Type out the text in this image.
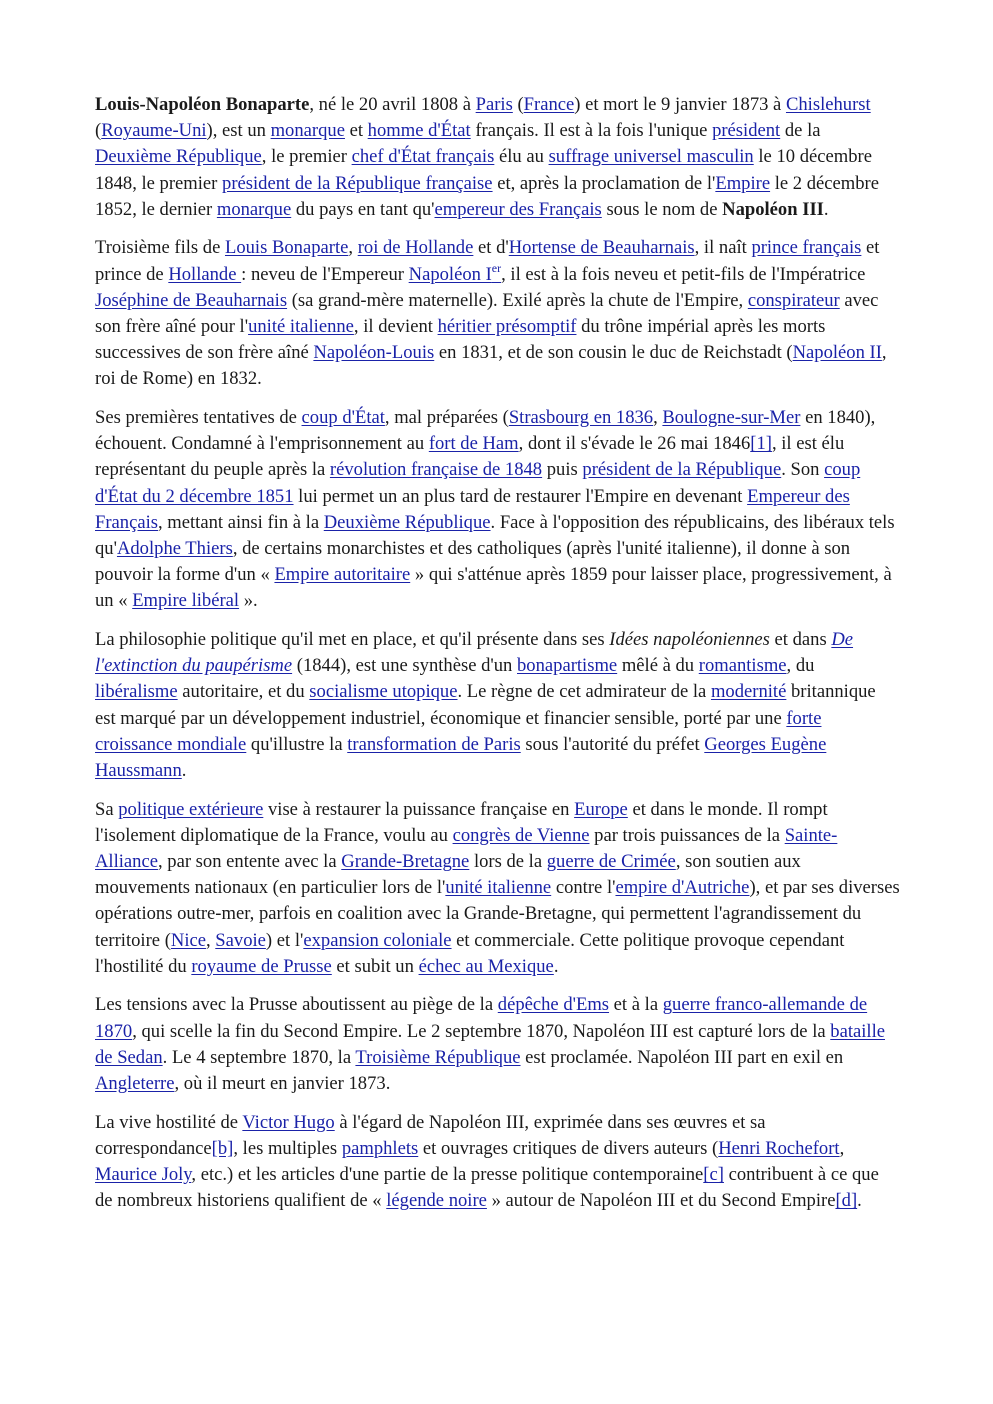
Louis-Napoléon Bonaparte, né le 20 avril 1808 à Paris (France) et mort le 9 janvier 1873 à Chislehurst (Royaume-Uni), est un monarque et homme d'État français. Il est à la fois l'unique président de la Deuxième République, le premier chef d'État français élu au suffrage universel masculin le 10 décembre 1848, le premier président de la République française et, après la proclamation de l'Empire le 2 décembre 1852, le dernier monarque du pays en tant qu'empereur des Français sous le nom de Napoléon III.

Troisième fils de Louis Bonaparte, roi de Hollande et d'Hortense de Beauharnais, il naît prince français et prince de Hollande : neveu de l'Empereur Napoléon Ier, il est à la fois neveu et petit-fils de l'Impératrice Joséphine de Beauharnais (sa grand-mère maternelle). Exilé après la chute de l'Empire, conspirateur avec son frère aîné pour l'unité italienne, il devient héritier présomptif du trône impérial après les morts successives de son frère aîné Napoléon-Louis en 1831, et de son cousin le duc de Reichstadt (Napoléon II, roi de Rome) en 1832.

Ses premières tentatives de coup d'État, mal préparées (Strasbourg en 1836, Boulogne-sur-Mer en 1840), échouent. Condamné à l'emprisonnement au fort de Ham, dont il s'évade le 26 mai 1846[1], il est élu représentant du peuple après la révolution française de 1848 puis président de la République. Son coup d'État du 2 décembre 1851 lui permet un an plus tard de restaurer l'Empire en devenant Empereur des Français, mettant ainsi fin à la Deuxième République. Face à l'opposition des républicains, des libéraux tels qu'Adolphe Thiers, de certains monarchistes et des catholiques (après l'unité italienne), il donne à son pouvoir la forme d'un « Empire autoritaire » qui s'atténue après 1859 pour laisser place, progressivement, à un « Empire libéral ».

La philosophie politique qu'il met en place, et qu'il présente dans ses Idées napoléoniennes et dans De l'extinction du paupérisme (1844), est une synthèse d'un bonapartisme mêlé à du romantisme, du libéralisme autoritaire, et du socialisme utopique. Le règne de cet admirateur de la modernité britannique est marqué par un développement industriel, économique et financier sensible, porté par une forte croissance mondiale qu'illustre la transformation de Paris sous l'autorité du préfet Georges Eugène Haussmann.

Sa politique extérieure vise à restaurer la puissance française en Europe et dans le monde. Il rompt l'isolement diplomatique de la France, voulu au congrès de Vienne par trois puissances de la Sainte-Alliance, par son entente avec la Grande-Bretagne lors de la guerre de Crimée, son soutien aux mouvements nationaux (en particulier lors de l'unité italienne contre l'empire d'Autriche), et par ses diverses opérations outre-mer, parfois en coalition avec la Grande-Bretagne, qui permettent l'agrandissement du territoire (Nice, Savoie) et l'expansion coloniale et commerciale. Cette politique provoque cependant l'hostilité du royaume de Prusse et subit un échec au Mexique.

Les tensions avec la Prusse aboutissent au piège de la dépêche d'Ems et à la guerre franco-allemande de 1870, qui scelle la fin du Second Empire. Le 2 septembre 1870, Napoléon III est capturé lors de la bataille de Sedan. Le 4 septembre 1870, la Troisième République est proclamée. Napoléon III part en exil en Angleterre, où il meurt en janvier 1873.

La vive hostilité de Victor Hugo à l'égard de Napoléon III, exprimée dans ses œuvres et sa correspondance[b], les multiples pamphlets et ouvrages critiques de divers auteurs (Henri Rochefort, Maurice Joly, etc.) et les articles d'une partie de la presse politique contemporaine[c] contribuent à ce que de nombreux historiens qualifient de « légende noire » autour de Napoléon III et du Second Empire[d].
